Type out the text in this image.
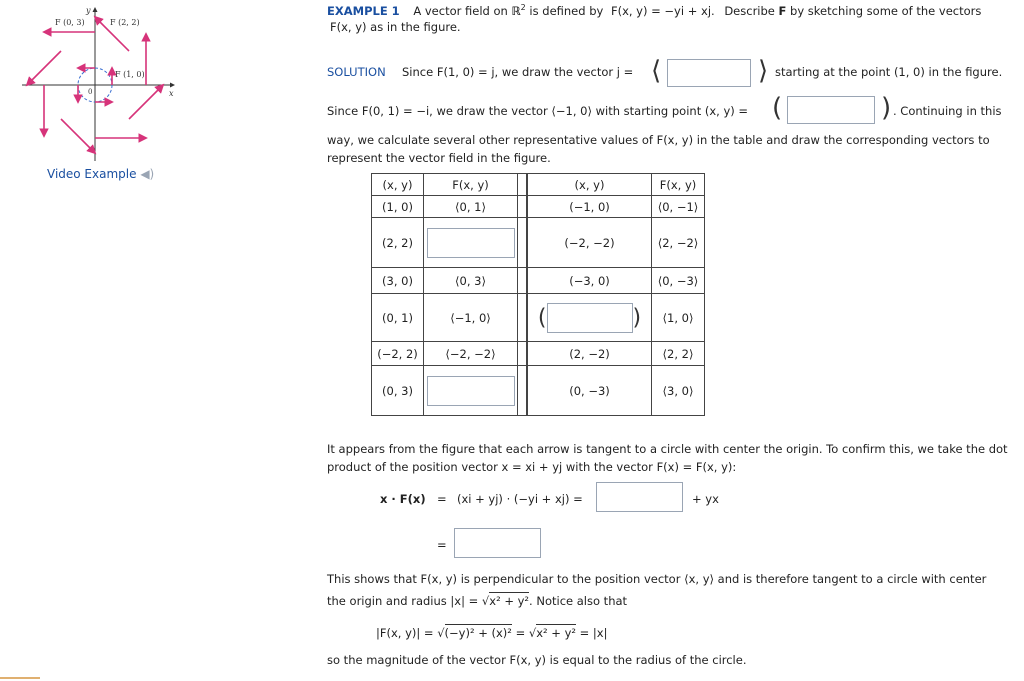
F (0, 3)	F (2, 2)
F (1, 0)
x
y
0
Video Example ◀)
EXAMPLE 1 A vector field on ℝ$^2$ is defined by F(x, y) = −yi + xj. Describe F by sketching some of the vectors
F(x, y) as in the figure.
SOLUTION Since F(1, 0) = j, we draw the vector j = ⟨	⟩ starting at the point (1, 0) in the figure.
Since F(0, 1) = −i, we draw the vector ⟨−1, 0⟩ with starting point (x, y) = (	) . Continuing in this
way, we calculate several other representative values of F(x, y) in the table and draw the corresponding vectors to
represent the vector field in the figure.
(x, y)	F(x, y)		(x, y)	F(x, y)
(1, 0)	⟨0, 1⟩		(−1, 0)	⟨0, −1⟩
(2, 2)			(−2, −2)	⟨2, −2⟩
(3, 0)	⟨0, 3⟩		(−3, 0)	⟨0, −3⟩
(0, 1)	⟨−1, 0⟩		( )	⟨1, 0⟩
(−2, 2)	⟨−2, −2⟩		(2, −2)	⟨2, 2⟩
(0, 3)			(0, −3)	⟨3, 0⟩
It appears from the figure that each arrow is tangent to a circle with center the origin. To confirm this, we take the dot
product of the position vector x = xi + yj with the vector F(x) = F(x, y):
x · F(x) = (xi + yj) · (−yi + xj) =	+ yx
=
This shows that F(x, y) is perpendicular to the position vector ⟨x, y⟩ and is therefore tangent to a circle with center
the origin and radius |x| = √x² + y². Notice also that
|F(x, y)| = √(−y)² + (x)² = √x² + y² = |x|
so the magnitude of the vector F(x, y) is equal to the radius of the circle.
